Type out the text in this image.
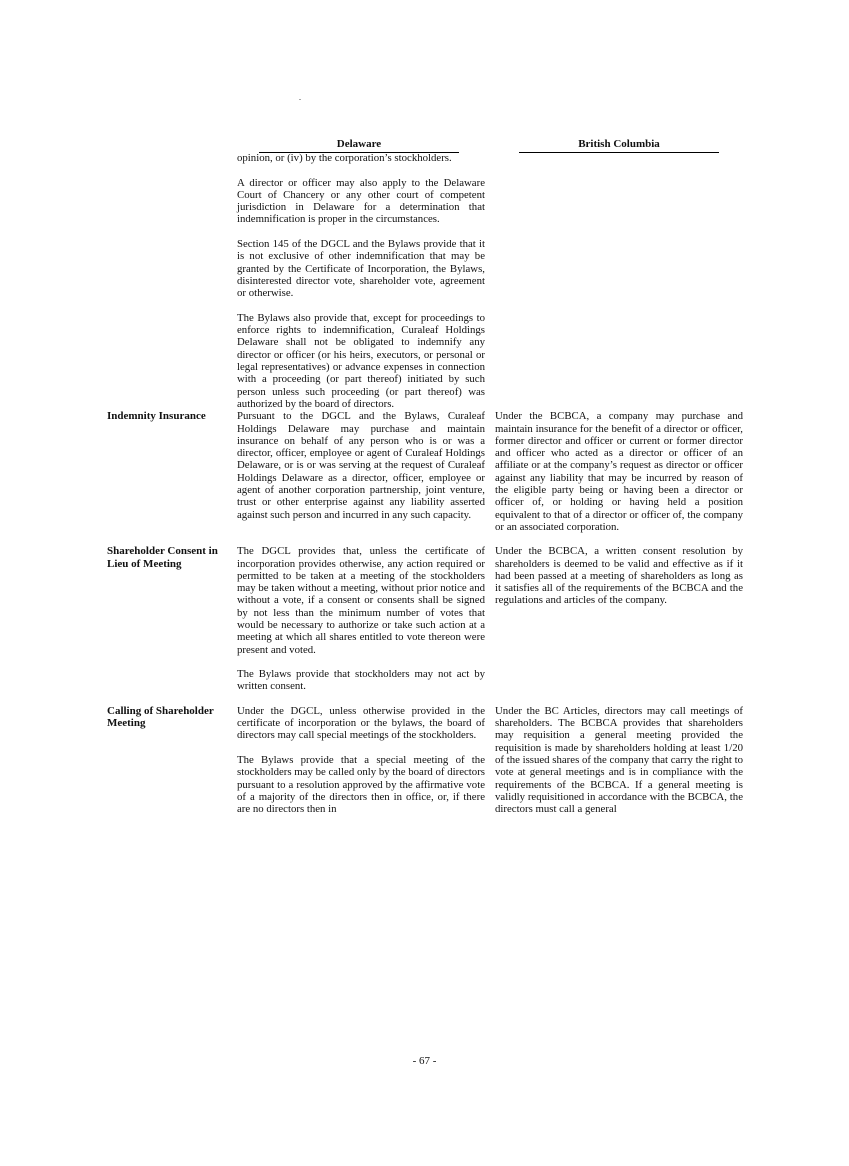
.
Delaware	British Columbia

opinion, or (iv) by the corporation’s stockholders.

A director or officer may also apply to the Delaware Court of Chancery or any other court of competent jurisdiction in Delaware for a determination that indemnification is proper in the circumstances.

Section 145 of the DGCL and the Bylaws provide that it is not exclusive of other indemnification that may be granted by the Certificate of Incorporation, the Bylaws, disinterested director vote, shareholder vote, agreement or otherwise.

The Bylaws also provide that, except for proceedings to enforce rights to indemnification, Curaleaf Holdings Delaware shall not be obligated to indemnify any director or officer (or his heirs, executors, or personal or legal representatives) or advance expenses in connection with a proceeding (or part thereof) initiated by such person unless such proceeding (or part thereof) was authorized by the board of directors.

Indemnity Insurance	Pursuant to the DGCL and the Bylaws, Curaleaf Holdings Delaware may purchase and maintain insurance on behalf of any person who is or was a director, officer, employee or agent of Curaleaf Holdings Delaware, or is or was serving at the request of Curaleaf Holdings Delaware as a director, officer, employee or agent of another corporation partnership, joint venture, trust or other enterprise against any liability asserted against such person and incurred in any such capacity.

Under the BCBCA, a company may purchase and maintain insurance for the benefit of a director or officer, former director and officer or current or former director and officer who acted as a director or officer of an affiliate or at the company’s request as director or officer against any liability that may be incurred by reason of the eligible party being or having been a director or officer of, or holding or having held a position equivalent to that of a director or officer of, the company or an associated corporation.

Shareholder Consent in Lieu of Meeting

The DGCL provides that, unless the certificate of incorporation provides otherwise, any action required or permitted to be taken at a meeting of the stockholders may be taken without a meeting, without prior notice and without a vote, if a consent or consents shall be signed by not less than the minimum number of votes that would be necessary to authorize or take such action at a meeting at which all shares entitled to vote thereon were present and voted.

The Bylaws provide that stockholders may not act by written consent.

Under the BCBCA, a written consent resolution by shareholders is deemed to be valid and effective as if it had been passed at a meeting of shareholders as long as it satisfies all of the requirements of the BCBCA and the regulations and articles of the company.

Calling of Shareholder Meeting

Under the DGCL, unless otherwise provided in the certificate of incorporation or the bylaws, the board of directors may call special meetings of the stockholders.

The Bylaws provide that a special meeting of the stockholders may be called only by the board of directors pursuant to a resolution approved by the affirmative vote of a majority of the directors then in office, or, if there are no directors then in

Under the BC Articles, directors may call meetings of shareholders. The BCBCA provides that shareholders may requisition a general meeting provided the requisition is made by shareholders holding at least 1/20 of the issued shares of the company that carry the right to vote at general meetings and is in compliance with the requirements of the BCBCA. If a general meeting is validly requisitioned in accordance with the BCBCA, the directors must call a general

- 67 -
